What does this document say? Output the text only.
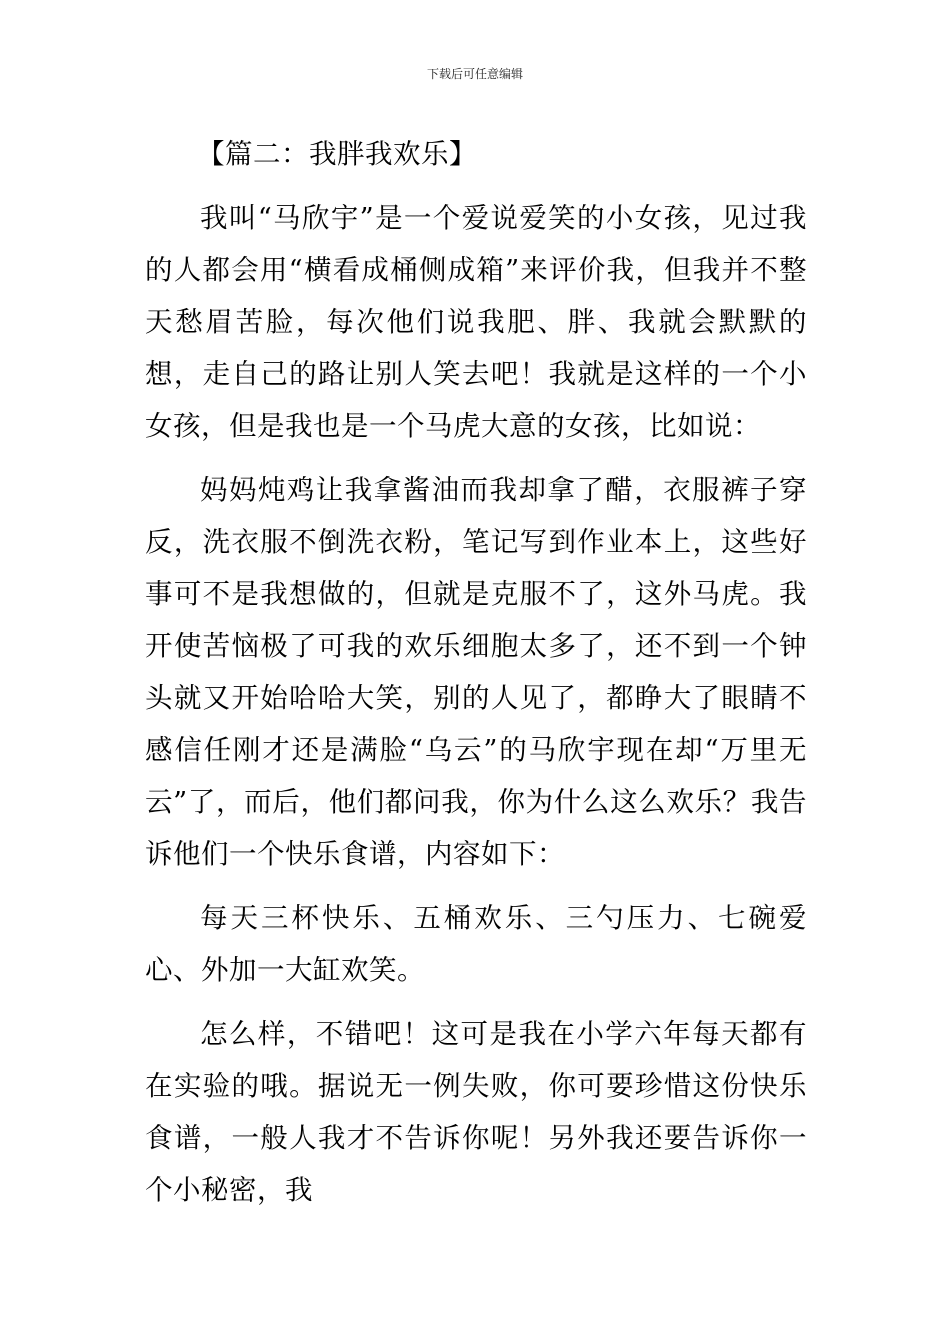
下载后可任意编辑
【篇二：我胖我欢乐】

我叫“马欣宇”是一个爱说爱笑的小女孩，见过我的人都会用“横看成桶侧成箱”来评价我，但我并不整天愁眉苦脸，每次他们说我肥、胖、我就会默默的想，走自己的路让别人笑去吧！我就是这样的一个小女孩，但是我也是一个马虎大意的女孩，比如说：

妈妈炖鸡让我拿酱油而我却拿了醋，衣服裤子穿反，洗衣服不倒洗衣粉，笔记写到作业本上，这些好事可不是我想做的，但就是克服不了，这外马虎。我开使苦恼极了可我的欢乐细胞太多了，还不到一个钟头就又开始哈哈大笑，别的人见了，都睁大了眼睛不感信任刚才还是满脸“乌云”的马欣宇现在却“万里无云”了，而后，他们都问我，你为什么这么欢乐？我告诉他们一个快乐食谱，内容如下：

每天三杯快乐、五桶欢乐、三勺压力、七碗爱心、外加一大缸欢笑。

怎么样，不错吧！这可是我在小学六年每天都有在实验的哦。据说无一例失败，你可要珍惜这份快乐食谱，一般人我才不告诉你呢！另外我还要告诉你一个小秘密，我
